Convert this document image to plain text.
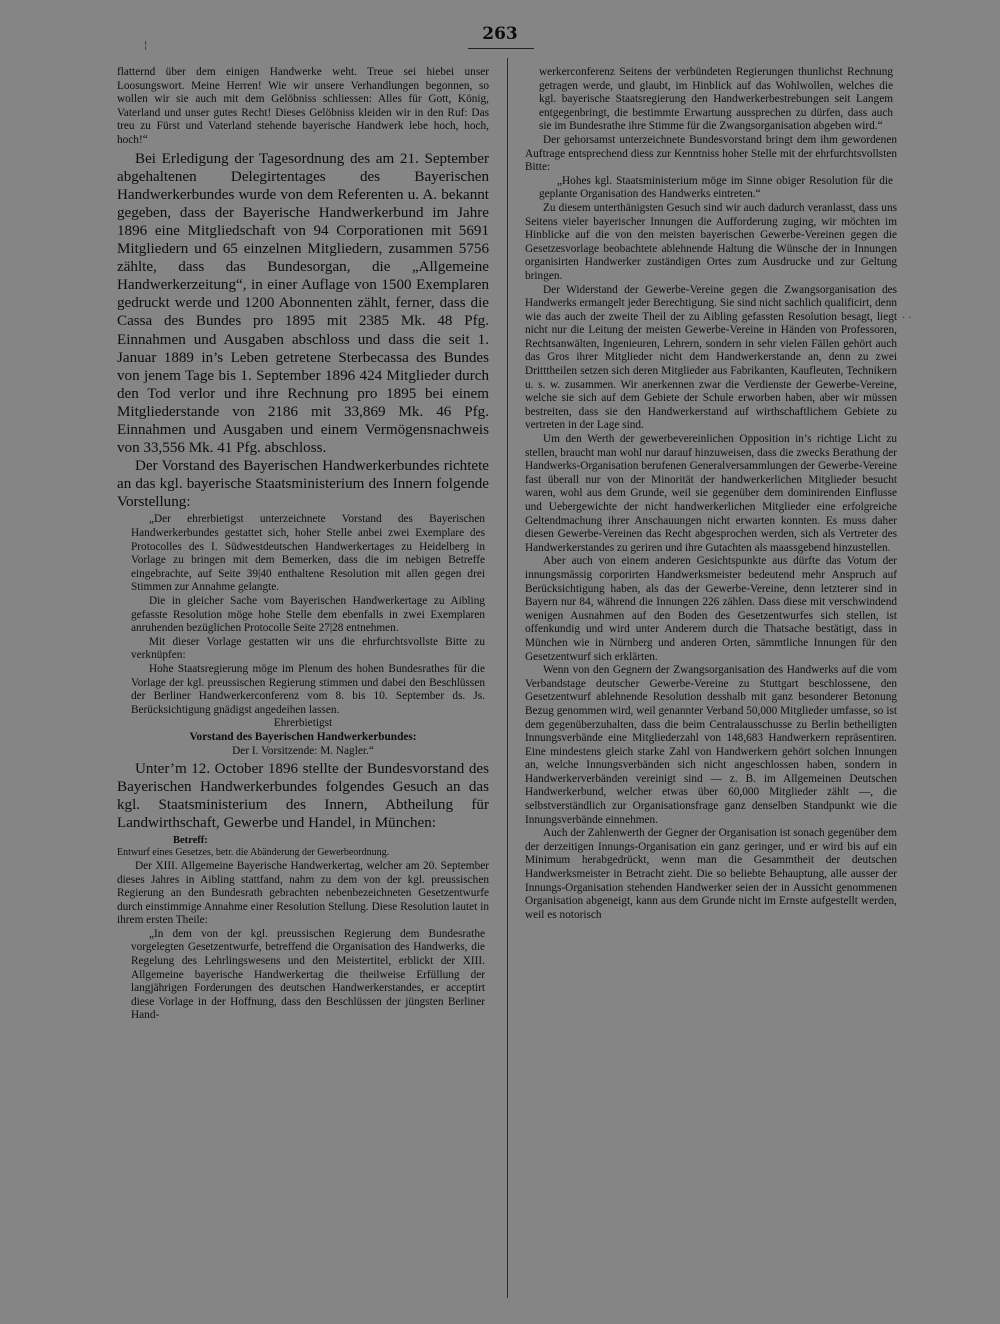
263
¦
· ·

flatternd über dem einigen Handwerke weht. Treue sei hiebei unser Loosungswort. Meine Herren! Wie wir unsere Verhandlungen begonnen, so wollen wir sie auch mit dem Gelöbniss schliessen: Alles für Gott, König, Vaterland und unser gutes Recht! Dieses Gelöbniss kleiden wir in den Ruf: Das treu zu Fürst und Vaterland stehende bayerische Handwerk lebe hoch, hoch, hoch!“

Bei Erledigung der Tagesordnung des am 21. September abgehaltenen Delegirtentages des Bayerischen Handwerkerbundes wurde von dem Referenten u. A. bekannt gegeben, dass der Bayerische Handwerkerbund im Jahre 1896 eine Mitgliedschaft von 94 Corporationen mit 5691 Mitgliedern und 65 einzelnen Mitgliedern, zusammen 5756 zählte, dass das Bundesorgan, die „Allgemeine Handwerkerzeitung“, in einer Auflage von 1500 Exemplaren gedruckt werde und 1200 Abonnenten zählt, ferner, dass die Cassa des Bundes pro 1895 mit 2385 Mk. 48 Pfg. Einnahmen und Ausgaben abschloss und dass die seit 1. Januar 1889 in’s Leben getretene Sterbecassa des Bundes von jenem Tage bis 1. September 1896 424 Mitglieder durch den Tod verlor und ihre Rechnung pro 1895 bei einem Mitgliederstande von 2186 mit 33,869 Mk. 46 Pfg. Einnahmen und Ausgaben und einem Vermögensnachweis von 33,556 Mk. 41 Pfg. abschloss.

Der Vorstand des Bayerischen Handwerkerbundes richtete an das kgl. bayerische Staatsministerium des Innern folgende Vorstellung:

„Der ehrerbietigst unterzeichnete Vorstand des Bayerischen Handwerkerbundes gestattet sich, hoher Stelle anbei zwei Exemplare des Protocolles des I. Südwestdeutschen Handwerkertages zu Heidelberg in Vorlage zu bringen mit dem Bemerken, dass die im nebigen Betreffe eingebrachte, auf Seite 39|40 enthaltene Resolution mit allen gegen drei Stimmen zur Annahme gelangte.

Die in gleicher Sache vom Bayerischen Handwerkertage zu Aibling gefasste Resolution möge hohe Stelle dem ebenfalls in zwei Exemplaren anruhenden bezüglichen Protocolle Seite 27|28 entnehmen.

Mit dieser Vorlage gestatten wir uns die ehrfurchtsvollste Bitte zu verknüpfen:

Hohe Staatsregierung möge im Plenum des hohen Bundesrathes für die Vorlage der kgl. preussischen Regierung stimmen und dabei den Beschlüssen der Berliner Handwerkerconferenz vom 8. bis 10. September ds. Js. Berücksichtigung gnädigst angedeihen lassen.

Ehrerbietigst

Vorstand des Bayerischen Handwerkerbundes:

Der I. Vorsitzende: M. Nagler.“

Unter’m 12. October 1896 stellte der Bundesvorstand des Bayerischen Handwerkerbundes folgendes Gesuch an das kgl. Staatsministerium des Innern, Abtheilung für Landwirthschaft, Gewerbe und Handel, in München:

Betreff:

Entwurf eines Gesetzes, betr. die Abänderung der Gewerbeordnung.

Der XIII. Allgemeine Bayerische Handwerkertag, welcher am 20. September dieses Jahres in Aibling stattfand, nahm zu dem von der kgl. preussischen Regierung an den Bundesrath gebrachten nebenbezeichneten Gesetzentwurfe durch einstimmige Annahme einer Resolution Stellung. Diese Resolution lautet in ihrem ersten Theile:

„In dem von der kgl. preussischen Regierung dem Bundesrathe vorgelegten Gesetzentwurfe, betreffend die Organisation des Handwerks, die Regelung des Lehrlingswesens und den Meistertitel, erblickt der XIII. Allgemeine bayerische Handwerkertag die theilweise Erfüllung der langjährigen Forderungen des deutschen Handwerkerstandes, er acceptirt diese Vorlage in der Hoffnung, dass den Beschlüssen der jüngsten Berliner Hand-

werkerconferenz Seitens der verbündeten Regierungen thunlichst Rechnung getragen werde, und glaubt, im Hinblick auf das Wohlwollen, welches die kgl. bayerische Staatsregierung den Handwerkerbestrebungen seit Langem entgegenbringt, die bestimmte Erwartung aussprechen zu dürfen, dass auch sie im Bundesrathe ihre Stimme für die Zwangsorganisation abgeben wird.“

Der gehorsamst unterzeichnete Bundesvorstand bringt dem ihm gewordenen Auftrage entsprechend diess zur Kenntniss hoher Stelle mit der ehrfurchtsvollsten Bitte:

„Hohes kgl. Staatsministerium möge im Sinne obiger Resolution für die geplante Organisation des Handwerks eintreten.“

Zu diesem unterthänigsten Gesuch sind wir auch dadurch veranlasst, dass uns Seitens vieler bayerischer Innungen die Aufforderung zuging, wir möchten im Hinblicke auf die von den meisten bayerischen Gewerbe-Vereinen gegen die Gesetzesvorlage beobachtete ablehnende Haltung die Wünsche der in Innungen organisirten Handwerker zuständigen Ortes zum Ausdrucke und zur Geltung bringen.

Der Widerstand der Gewerbe-Vereine gegen die Zwangsorganisation des Handwerks ermangelt jeder Berechtigung. Sie sind nicht sachlich qualificirt, denn wie das auch der zweite Theil der zu Aibling gefassten Resolution besagt, liegt nicht nur die Leitung der meisten Gewerbe-Vereine in Händen von Professoren, Rechtsanwälten, Ingenieuren, Lehrern, sondern in sehr vielen Fällen gehört auch das Gros ihrer Mitglieder nicht dem Handwerkerstande an, denn zu zwei Dritttheilen setzen sich deren Mitglieder aus Fabrikanten, Kaufleuten, Technikern u. s. w. zusammen. Wir anerkennen zwar die Verdienste der Gewerbe-Vereine, welche sie sich auf dem Gebiete der Schule erworben haben, aber wir müssen bestreiten, dass sie den Handwerkerstand auf wirthschaftlichem Gebiete zu vertreten in der Lage sind.

Um den Werth der gewerbevereinlichen Opposition in’s richtige Licht zu stellen, braucht man wohl nur darauf hinzuweisen, dass die zwecks Berathung der Handwerks-Organisation berufenen Generalversammlungen der Gewerbe-Vereine fast überall nur von der Minorität der handwerkerlichen Mitglieder besucht waren, wohl aus dem Grunde, weil sie gegenüber dem dominirenden Einflusse und Uebergewichte der nicht handwerkerlichen Mitglieder eine erfolgreiche Geltendmachung ihrer Anschauungen nicht erwarten konnten. Es muss daher diesen Gewerbe-Vereinen das Recht abgesprochen werden, sich als Vertreter des Handwerkerstandes zu geriren und ihre Gutachten als maassgebend hinzustellen.

Aber auch von einem anderen Gesichtspunkte aus dürfte das Votum der innungsmässig corporirten Handwerksmeister bedeutend mehr Anspruch auf Berücksichtigung haben, als das der Gewerbe-Vereine, denn letzterer sind in Bayern nur 84, während die Innungen 226 zählen. Dass diese mit verschwindend wenigen Ausnahmen auf den Boden des Gesetzentwurfes sich stellen, ist offenkundig und wird unter Anderem durch die Thatsache bestätigt, dass in München wie in Nürnberg und anderen Orten, sämmtliche Innungen für den Gesetzentwurf sich erklärten.

Wenn von den Gegnern der Zwangsorganisation des Handwerks auf die vom Verbandstage deutscher Gewerbe-Vereine zu Stuttgart beschlossene, den Gesetzentwurf ablehnende Resolution desshalb mit ganz besonderer Betonung Bezug genommen wird, weil genannter Verband 50,000 Mitglieder umfasse, so ist dem gegenüberzuhalten, dass die beim Centralausschusse zu Berlin betheiligten Innungsverbände eine Mitgliederzahl von 148,683 Handwerkern repräsentiren. Eine mindestens gleich starke Zahl von Handwerkern gehört solchen Innungen an, welche Innungsverbänden sich nicht angeschlossen haben, sondern in Handwerkerverbänden vereinigt sind — z. B. im Allgemeinen Deutschen Handwerkerbund, welcher etwas über 60,000 Mitglieder zählt —, die selbstverständlich zur Organisationsfrage ganz denselben Standpunkt wie die Innungsverbände einnehmen.

Auch der Zahlenwerth der Gegner der Organisation ist sonach gegenüber dem der derzeitigen Innungs-Organisation ein ganz geringer, und er wird bis auf ein Minimum herabgedrückt, wenn man die Gesammtheit der deutschen Handwerksmeister in Betracht zieht. Die so beliebte Behauptung, alle ausser der Innungs-Organisation stehenden Handwerker seien der in Aussicht genommenen Organisation abgeneigt, kann aus dem Grunde nicht im Ernste aufgestellt werden, weil es notorisch
